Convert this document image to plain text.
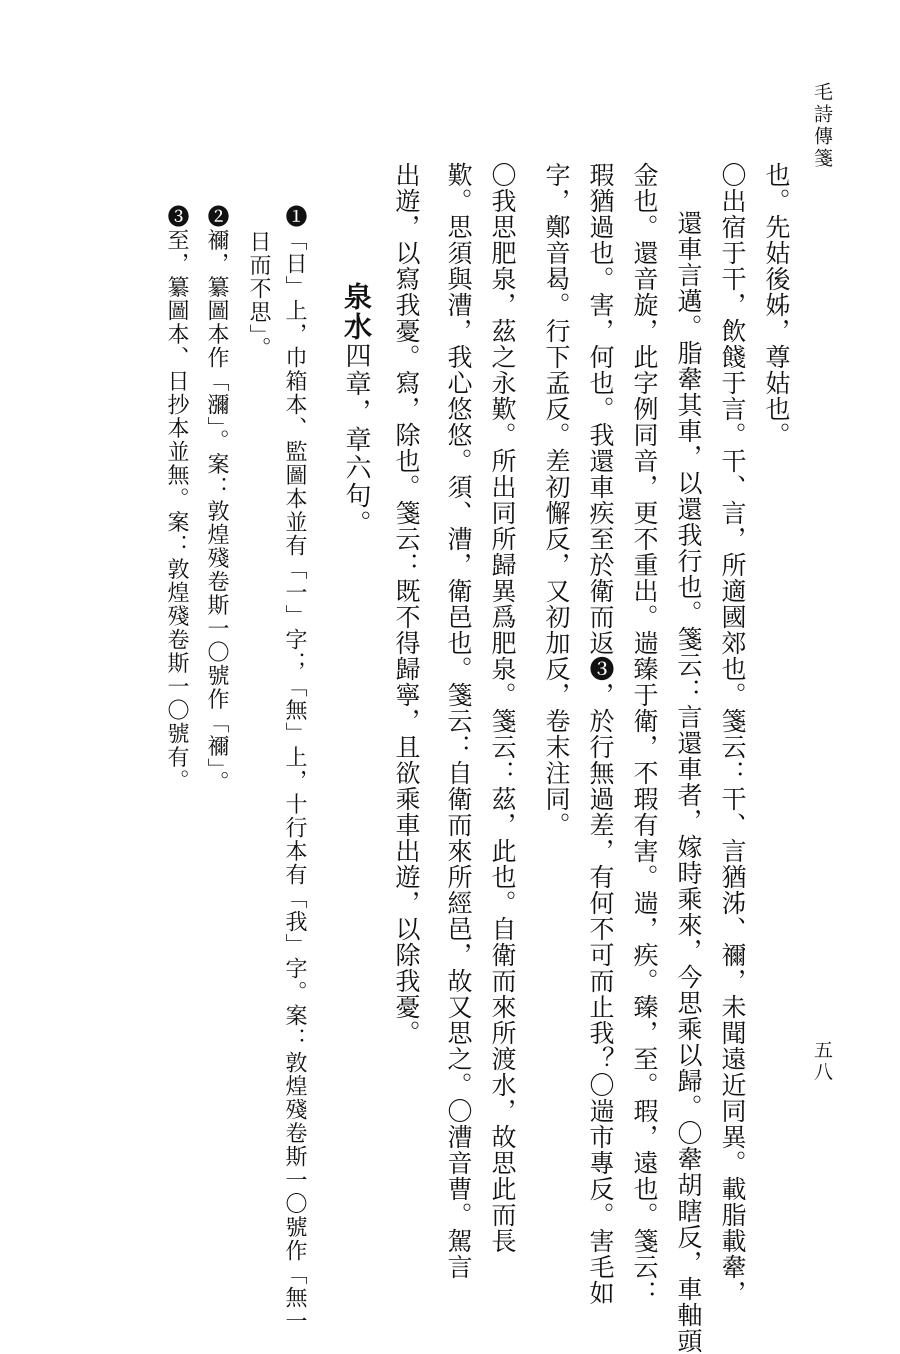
毛詩傳箋
五八
也。先姑後姊，尊姑也。
〇出宿于干，飲餞于言。干、言，所適國郊也。箋云：干、言猶泲、禰，未聞遠近同異。載脂載舝，
還車言邁。脂舝其車，以還我行也。箋云：言還車者，嫁時乘來，今思乘以歸。〇舝胡瞎反，車軸頭
金也。還音旋，此字例同音，更不重出。遄臻于衛，不瑕有害。遄，疾。臻，至。瑕，遠也。箋云：
瑕猶過也。害，何也。我還車疾至於衛而返❸，於行無過差，有何不可而止我？〇遄市專反。害毛如
字，鄭音曷。行下孟反。差初懈反，又初加反，卷末注同。
〇我思肥泉，茲之永歎。所出同所歸異爲肥泉。箋云：茲，此也。自衛而來所渡水，故思此而長
歎。思須與漕，我心悠悠。須、漕，衛邑也。箋云：自衛而來所經邑，故又思之。〇漕音曹。駕言
出遊，以寫我憂。寫，除也。箋云：既不得歸寧，且欲乘車出遊，以除我憂。
泉水四章，章六句。
❶「日」上，巾箱本、監圖本並有「一」字；「無」上，十行本有「我」字。案：敦煌殘卷斯一〇號作「無一
日而不思」。
❷禰，纂圖本作「瀰」。案：敦煌殘卷斯一〇號作「禰」。
❸至，纂圖本、日抄本並無。案：敦煌殘卷斯一〇號有。
